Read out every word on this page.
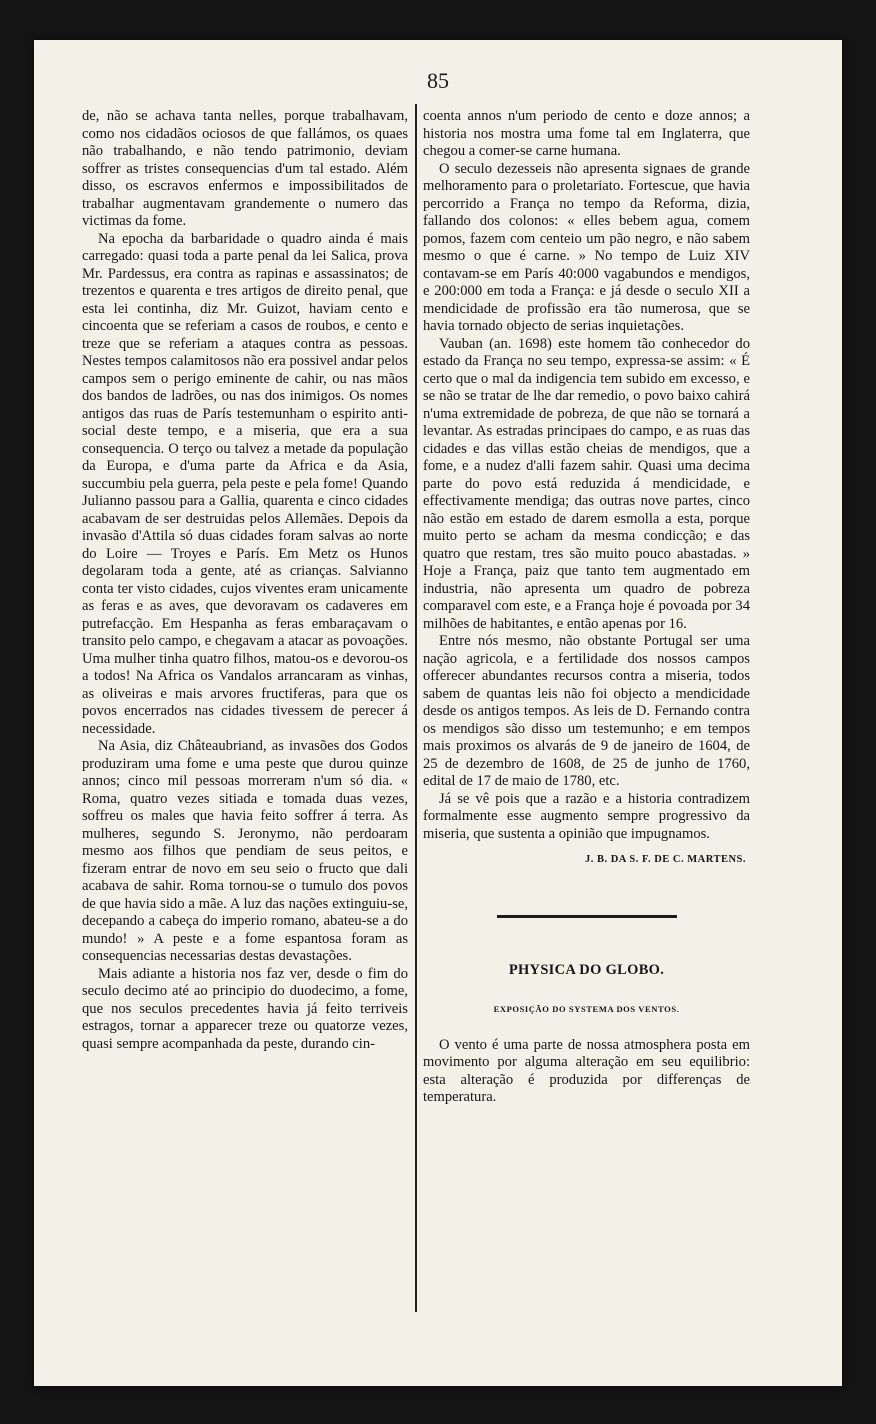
85

de, não se achava tanta nelles, porque trabalhavam, como nos cidadãos ociosos de que fallámos, os quaes não trabalhando, e não tendo patrimonio, deviam soffrer as tristes consequencias d'um tal estado. Além disso, os escravos enfermos e impossibilitados de trabalhar augmentavam grandemente o numero das victimas da fome.

Na epocha da barbaridade o quadro ainda é mais carregado: quasi toda a parte penal da lei Salica, prova Mr. Pardessus, era contra as rapinas e assassinatos; de trezentos e quarenta e tres artigos de direito penal, que esta lei continha, diz Mr. Guizot, haviam cento e cincoenta que se referiam a casos de roubos, e cento e treze que se referiam a ataques contra as pessoas. Nestes tempos calamitosos não era possivel andar pelos campos sem o perigo eminente de cahir, ou nas mãos dos bandos de ladrões, ou nas dos inimigos. Os nomes antigos das ruas de París testemunham o espirito anti-social deste tempo, e a miseria, que era a sua consequencia. O terço ou talvez a metade da população da Europa, e d'uma parte da Africa e da Asia, succumbiu pela guerra, pela peste e pela fome! Quando Julianno passou para a Gallia, quarenta e cinco cidades acabavam de ser destruidas pelos Allemães. Depois da invasão d'Attila só duas cidades foram salvas ao norte do Loire — Troyes e París. Em Metz os Hunos degolaram toda a gente, até as crianças. Salvianno conta ter visto cidades, cujos viventes eram unicamente as feras e as aves, que devoravam os cadaveres em putrefacção. Em Hespanha as feras embaraçavam o transito pelo campo, e chegavam a atacar as povoações. Uma mulher tinha quatro filhos, matou-os e devorou-os a todos! Na Africa os Vandalos arrancaram as vinhas, as oliveiras e mais arvores fructiferas, para que os povos encerrados nas cidades tivessem de perecer á necessidade.

Na Asia, diz Châteaubriand, as invasões dos Godos produziram uma fome e uma peste que durou quinze annos; cinco mil pessoas morreram n'um só dia. « Roma, quatro vezes sitiada e tomada duas vezes, soffreu os males que havia feito soffrer á terra. As mulheres, segundo S. Jeronymo, não perdoaram mesmo aos filhos que pendiam de seus peitos, e fizeram entrar de novo em seu seio o fructo que dali acabava de sahir. Roma tornou-se o tumulo dos povos de que havia sido a mãe. A luz das nações extinguiu-se, decepando a cabeça do imperio romano, abateu-se a do mundo! » A peste e a fome espantosa foram as consequencias necessarias destas devastações.

Mais adiante a historia nos faz ver, desde o fim do seculo decimo até ao principio do duodecimo, a fome, que nos seculos precedentes havia já feito terriveis estragos, tornar a apparecer treze ou quatorze vezes, quasi sempre acompanhada da peste, durando cin-

coenta annos n'um periodo de cento e doze annos; a historia nos mostra uma fome tal em Inglaterra, que chegou a comer-se carne humana.

O seculo dezesseis não apresenta signaes de grande melhoramento para o proletariato. Fortescue, que havia percorrido a França no tempo da Reforma, dizia, fallando dos colonos: « elles bebem agua, comem pomos, fazem com centeio um pão negro, e não sabem mesmo o que é carne. » No tempo de Luiz XIV contavam-se em París 40:000 vagabundos e mendigos, e 200:000 em toda a França: e já desde o seculo XII a mendicidade de profissão era tão numerosa, que se havia tornado objecto de serias inquietações.

Vauban (an. 1698) este homem tão conhecedor do estado da França no seu tempo, expressa-se assim: « É certo que o mal da indigencia tem subido em excesso, e se não se tratar de lhe dar remedio, o povo baixo cahirá n'uma extremidade de pobreza, de que não se tornará a levantar. As estradas principaes do campo, e as ruas das cidades e das villas estão cheias de mendigos, que a fome, e a nudez d'alli fazem sahir. Quasi uma decima parte do povo está reduzida á mendicidade, e effectivamente mendiga; das outras nove partes, cinco não estão em estado de darem esmolla a esta, porque muito perto se acham da mesma condicção; e das quatro que restam, tres são muito pouco abastadas. » Hoje a França, paiz que tanto tem augmentado em industria, não apresenta um quadro de pobreza comparavel com este, e a França hoje é povoada por 34 milhões de habitantes, e então apenas por 16.

Entre nós mesmo, não obstante Portugal ser uma nação agricola, e a fertilidade dos nossos campos offerecer abundantes recursos contra a miseria, todos sabem de quantas leis não foi objecto a mendicidade desde os antigos tempos. As leis de D. Fernando contra os mendigos são disso um testemunho; e em tempos mais proximos os alvarás de 9 de janeiro de 1604, de 25 de dezembro de 1608, de 25 de junho de 1760, edital de 17 de maio de 1780, etc.

Já se vê pois que a razão e a historia contradizem formalmente esse augmento sempre progressivo da miseria, que sustenta a opinião que impugnamos.

J. B. DA S. F. DE C. MARTENS.
PHYSICA DO GLOBO.
EXPOSIÇÃO DO SYSTEMA DOS VENTOS.

O vento é uma parte de nossa atmosphera posta em movimento por alguma alteração em seu equilibrio: esta alteração é produzida por differenças de temperatura.
